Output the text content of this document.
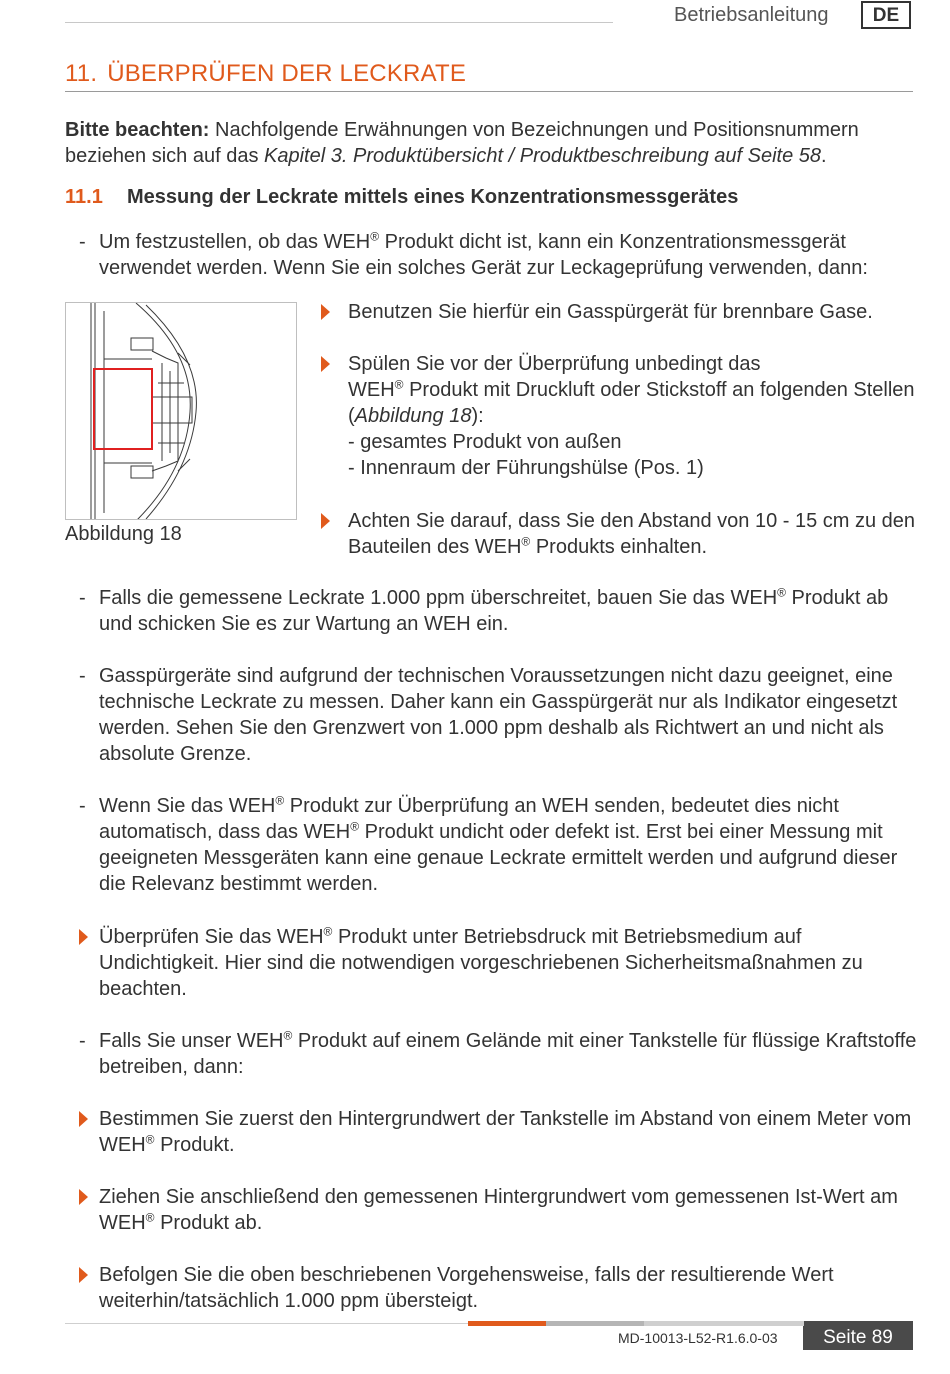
Betriebsanleitung	DE
11. ÜBERPRÜFEN DER LECKRATE
Bitte beachten: Nachfolgende Erwähnungen von Bezeichnungen und Positionsnummern beziehen sich auf das Kapitel 3. Produktübersicht / Produktbeschreibung auf Seite 58.
11.1 Messung der Leckrate mittels eines Konzentrationsmessgerätes
- Um festzustellen, ob das WEH® Produkt dicht ist, kann ein Konzentrationsmessgerät verwendet werden. Wenn Sie ein solches Gerät zur Leckageprüfung verwenden, dann:
Abbildung 18
Benutzen Sie hierfür ein Gasspürgerät für brennbare Gase.
Spülen Sie vor der Überprüfung unbedingt das
WEH® Produkt mit Druckluft oder Stickstoff an folgenden Stellen (Abbildung 18):
- gesamtes Produkt von außen
- Innenraum der Führungshülse (Pos. 1)
Achten Sie darauf, dass Sie den Abstand von 10 - 15 cm zu den Bauteilen des WEH® Produkts einhalten.
- Falls die gemessene Leckrate 1.000 ppm überschreitet, bauen Sie das WEH® Produkt ab und schicken Sie es zur Wartung an WEH ein.
- Gasspürgeräte sind aufgrund der technischen Voraussetzungen nicht dazu geeignet, eine technische Leckrate zu messen. Daher kann ein Gasspürgerät nur als Indikator eingesetzt werden. Sehen Sie den Grenzwert von 1.000 ppm deshalb als Richtwert an und nicht als absolute Grenze.
- Wenn Sie das WEH® Produkt zur Überprüfung an WEH senden, bedeutet dies nicht automatisch, dass das WEH® Produkt undicht oder defekt ist. Erst bei einer Messung mit geeigneten Messgeräten kann eine genaue Leckrate ermittelt werden und aufgrund dieser die Relevanz bestimmt werden.
Überprüfen Sie das WEH® Produkt unter Betriebsdruck mit Betriebsmedium auf Undichtigkeit. Hier sind die notwendigen vorgeschriebenen Sicherheitsmaßnahmen zu beachten.
- Falls Sie unser WEH® Produkt auf einem Gelände mit einer Tankstelle für flüssige Kraftstoffe betreiben, dann:
Bestimmen Sie zuerst den Hintergrundwert der Tankstelle im Abstand von einem Meter vom WEH® Produkt.
Ziehen Sie anschließend den gemessenen Hintergrundwert vom gemessenen Ist-Wert am WEH® Produkt ab.
Befolgen Sie die oben beschriebenen Vorgehensweise, falls der resultierende Wert weiterhin/tatsächlich 1.000 ppm übersteigt.
MD-10013-L52-R1.6.0-03	Seite 89
